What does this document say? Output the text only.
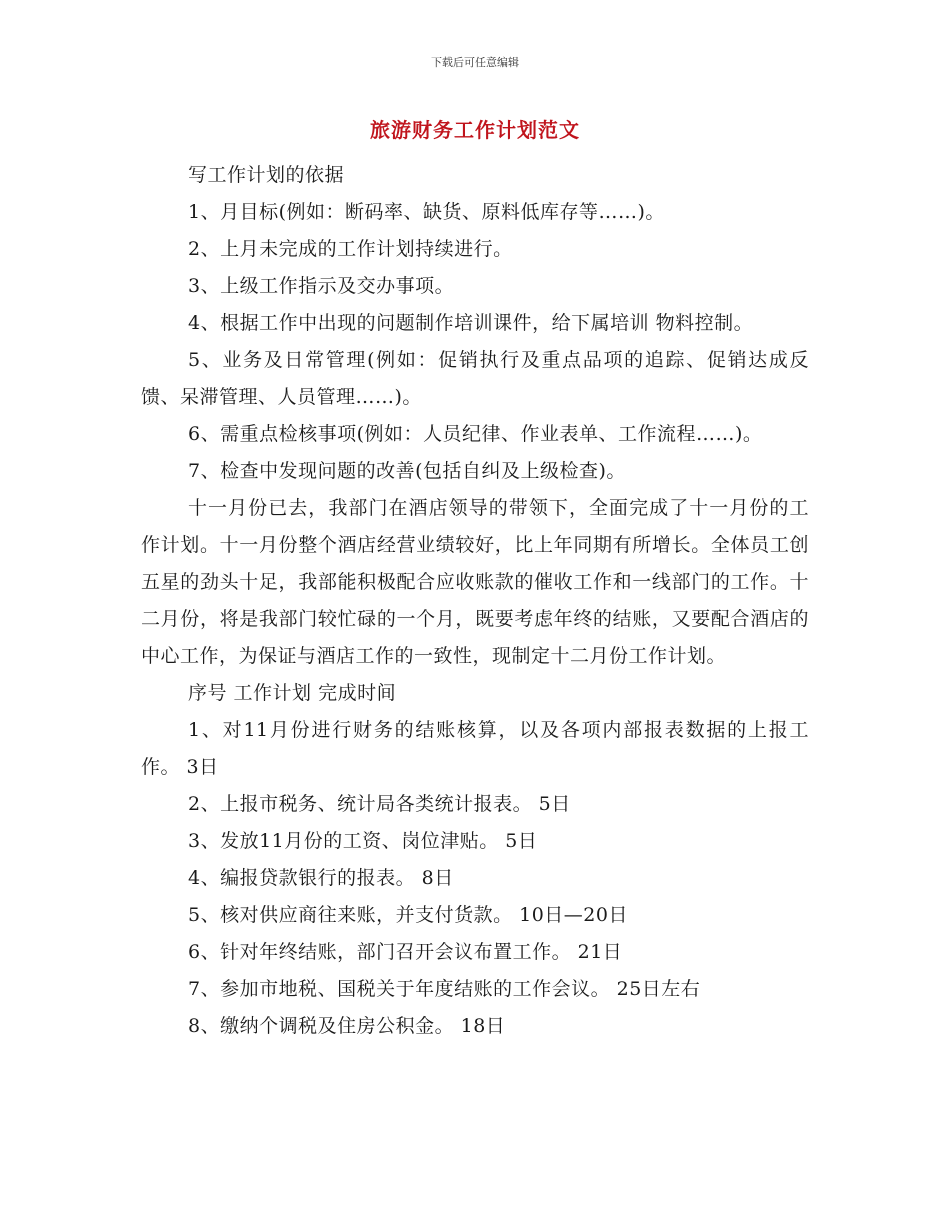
下载后可任意编辑
旅游财务工作计划范文

写工作计划的依据

1、月目标(例如：断码率、缺货、原料低库存等……)。

2、上月未完成的工作计划持续进行。

3、上级工作指示及交办事项。

4、根据工作中出现的问题制作培训课件，给下属培训 物料控制。

5、业务及日常管理(例如：促销执行及重点品项的追踪、促销达成反馈、呆滞管理、人员管理……)。

6、需重点检核事项(例如：人员纪律、作业表单、工作流程……)。

7、检查中发现问题的改善(包括自纠及上级检查)。

十一月份已去，我部门在酒店领导的带领下，全面完成了十一月份的工作计划。十一月份整个酒店经营业绩较好，比上年同期有所增长。全体员工创五星的劲头十足，我部能积极配合应收账款的催收工作和一线部门的工作。十二月份，将是我部门较忙碌的一个月，既要考虑年终的结账，又要配合酒店的中心工作，为保证与酒店工作的一致性，现制定十二月份工作计划。

序号 工作计划 完成时间

1、对11月份进行财务的结账核算，以及各项内部报表数据的上报工作。 3日

2、上报市税务、统计局各类统计报表。 5日

3、发放11月份的工资、岗位津贴。 5日

4、编报贷款银行的报表。 8日

5、核对供应商往来账，并支付货款。 10日—20日

6、针对年终结账，部门召开会议布置工作。 21日

7、参加市地税、国税关于年度结账的工作会议。 25日左右

8、缴纳个调税及住房公积金。 18日
